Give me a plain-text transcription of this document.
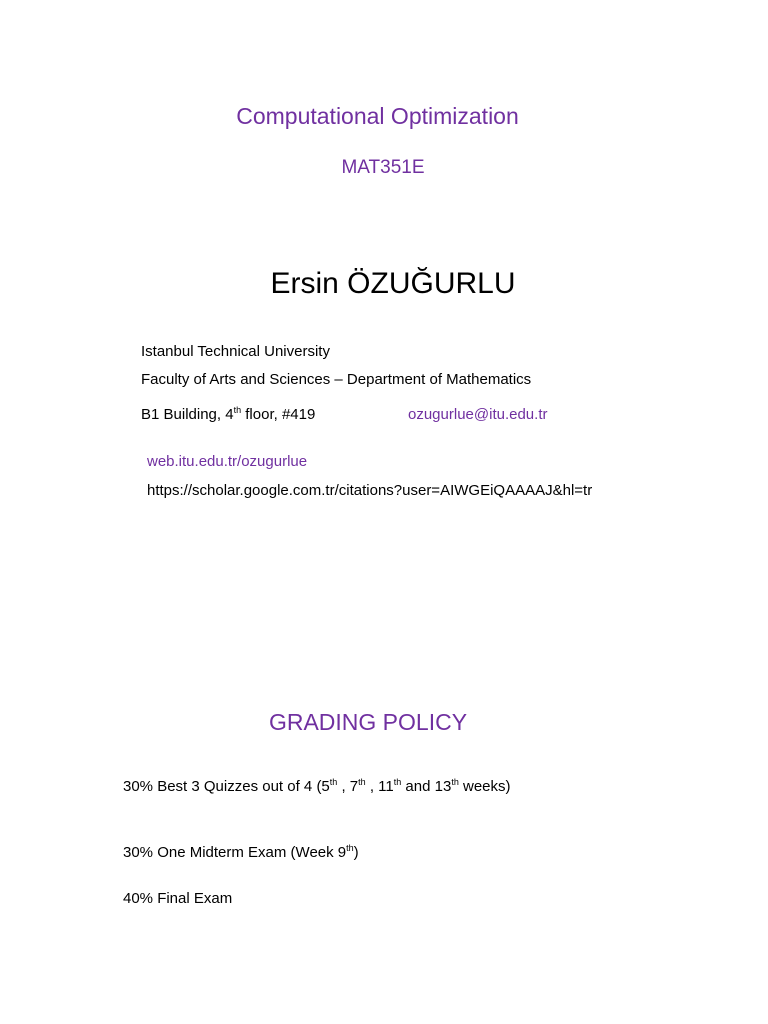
Computational Optimization
MAT351E
Ersin ÖZUĞURLU
Istanbul Technical University
Faculty of Arts and Sciences – Department of Mathematics
B1 Building, 4th floor, #419	ozugurlue@itu.edu.tr
web.itu.edu.tr/ozugurlue
https://scholar.google.com.tr/citations?user=AIWGEiQAAAAJ&hl=tr
GRADING POLICY
30% Best 3 Quizzes out of 4 (5th , 7th , 11th and 13th weeks)
30% One Midterm Exam (Week 9th)
40% Final Exam
